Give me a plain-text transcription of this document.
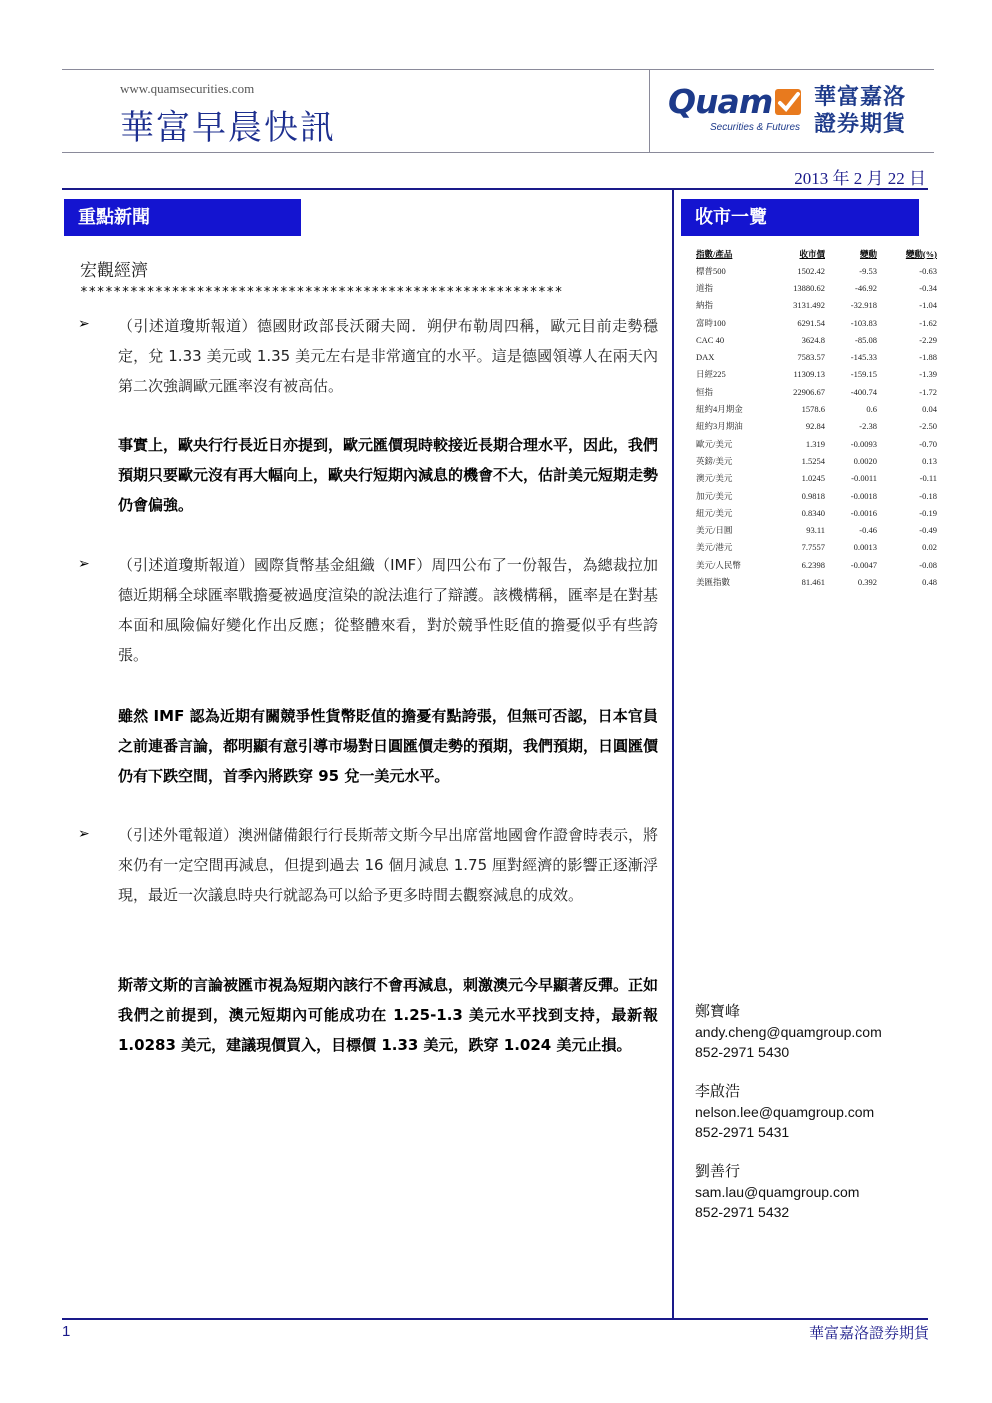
www.quamsecurities.com
華富早晨快訊
Quam
Securities & Futures
華富嘉洛
證券期貨
2013 年 2 月 22 日
重點新聞
宏觀經濟
**********************************************************
➢ （引述道瓊斯報道）德國財政部長沃爾夫岡．朔伊布勒周四稱，歐元目前走勢穩定，兌 1.33 美元或 1.35 美元左右是非常適宜的水平。這是德國領導人在兩天內第二次強調歐元匯率沒有被高估。
事實上，歐央行行長近日亦提到，歐元匯價現時較接近長期合理水平，因此，我們預期只要歐元沒有再大幅向上，歐央行短期內減息的機會不大，估計美元短期走勢仍會偏強。
➢ （引述道瓊斯報道）國際貨幣基金組織（IMF）周四公布了一份報告，為總裁拉加德近期稱全球匯率戰擔憂被過度渲染的說法進行了辯護。該機構稱，匯率是在對基本面和風險偏好變化作出反應；從整體來看，對於競爭性貶值的擔憂似乎有些誇張。
雖然 IMF 認為近期有關競爭性貨幣貶值的擔憂有點誇張，但無可否認，日本官員之前連番言論，都明顯有意引導市場對日圓匯價走勢的預期，我們預期，日圓匯價仍有下跌空間，首季內將跌穿 95 兌一美元水平。
➢ （引述外電報道）澳洲儲備銀行行長斯蒂文斯今早出席當地國會作證會時表示，將來仍有一定空間再減息，但提到過去 16 個月減息 1.75 厘對經濟的影響正逐漸浮現，最近一次議息時央行就認為可以給予更多時間去觀察減息的成效。
斯蒂文斯的言論被匯市視為短期內該行不會再減息，刺激澳元今早顯著反彈。正如我們之前提到，澳元短期內可能成功在 1.25-1.3 美元水平找到支持，最新報 1.0283 美元，建議現價買入，目標價 1.33 美元，跌穿 1.024 美元止損。
收市一覽
指數/產品	收市價	變動	變動(%)
標普500	1502.42	-9.53	-0.63
道指	13880.62	-46.92	-0.34
納指	3131.492	-32.918	-1.04
富時100	6291.54	-103.83	-1.62
CAC 40	3624.8	-85.08	-2.29
DAX	7583.57	-145.33	-1.88
日經225	11309.13	-159.15	-1.39
恒指	22906.67	-400.74	-1.72
紐約4月期金	1578.6	0.6	0.04
紐約3月期油	92.84	-2.38	-2.50
歐元/美元	1.319	-0.0093	-0.70
英鎊/美元	1.5254	0.0020	0.13
澳元/美元	1.0245	-0.0011	-0.11
加元/美元	0.9818	-0.0018	-0.18
紐元/美元	0.8340	-0.0016	-0.19
美元/日圓	93.11	-0.46	-0.49
美元/港元	7.7557	0.0013	0.02
美元/人民幣	6.2398	-0.0047	-0.08
美匯指數	81.461	0.392	0.48
鄭寶峰
andy.cheng@quamgroup.com
852-2971 5430
李啟浩
nelson.lee@quamgroup.com
852-2971 5431
劉善行
sam.lau@quamgroup.com
852-2971 5432
1	華富嘉洛證券期貨
